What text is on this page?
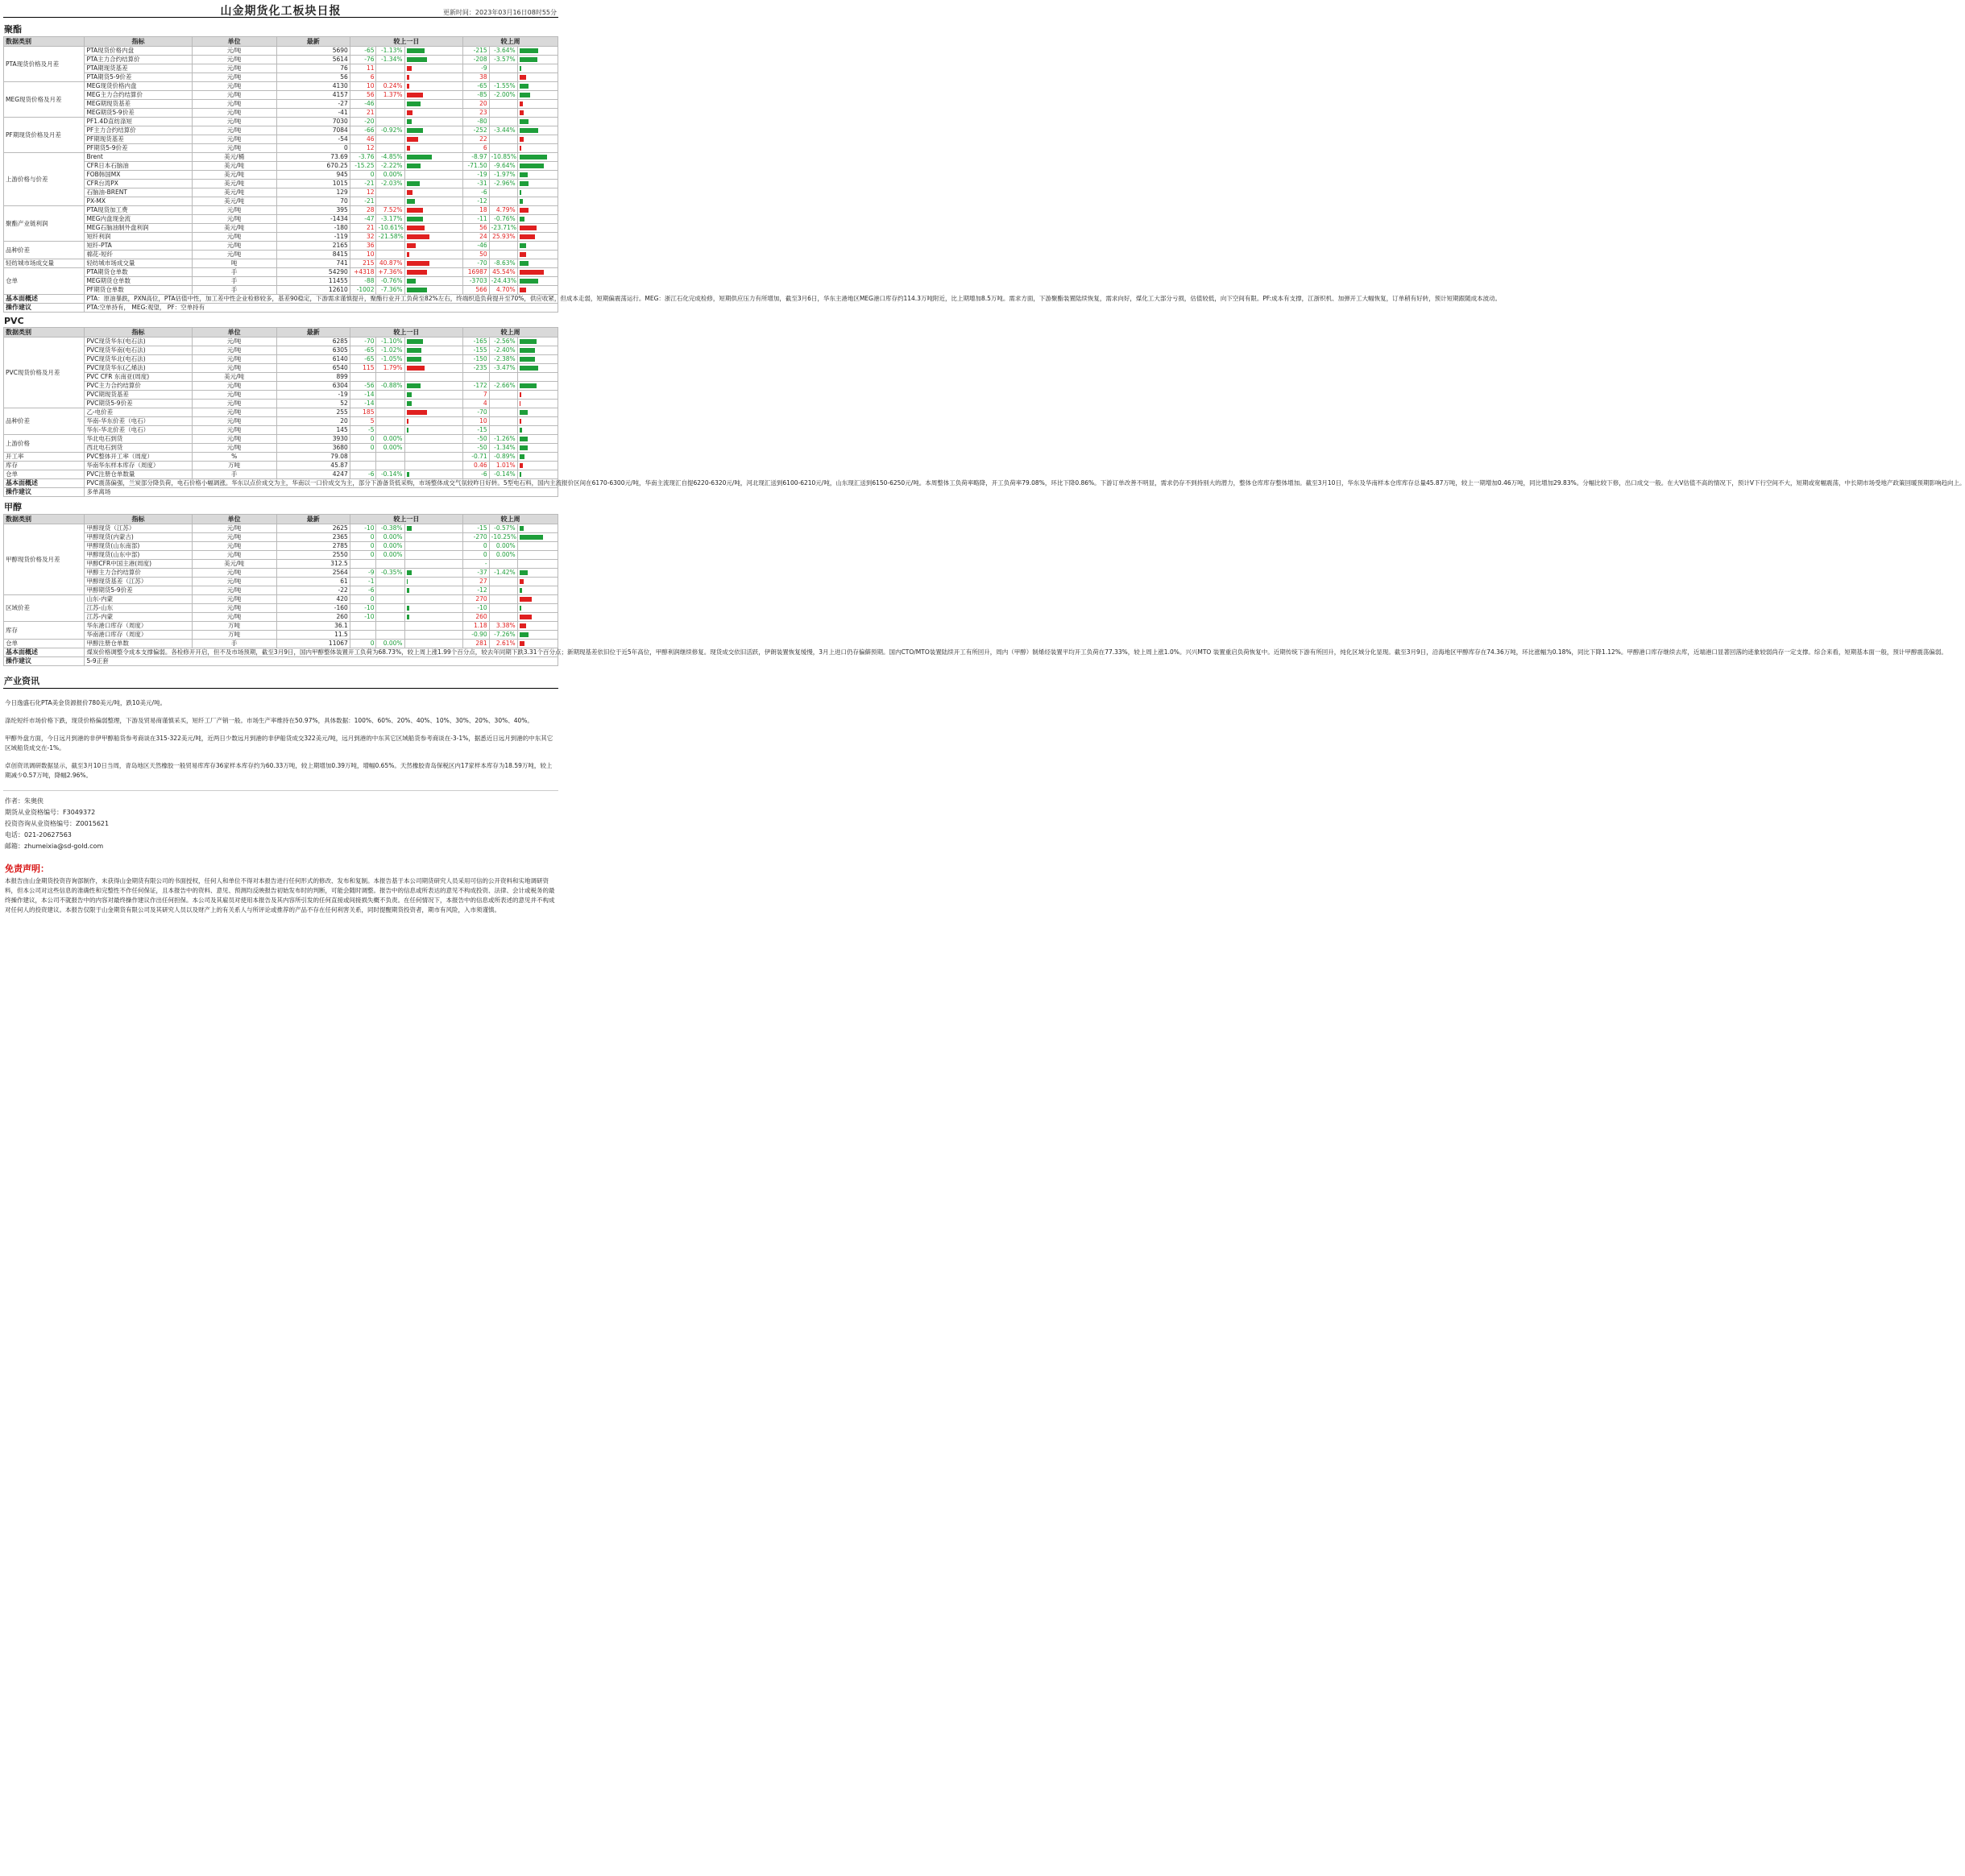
山金期货化工板块日报	更新时间：2023年03月16日08时55分
聚酯
数据类别	指标	单位	最新	较上一日			较上周		
PTA现货价格及月差	PTA现货价格内盘	元/吨	5690	-65	-1.13%		-215	-3.64%	
	PTA主力合约结算价	元/吨	5614	-76	-1.34%		-208	-3.57%	
	PTA期现货基差	元/吨	76	11			-9		
	PTA期货5-9价差	元/吨	56	6			38		
MEG现货价格及月差	MEG现货价格内盘	元/吨	4130	10	0.24%		-65	-1.55%	
	MEG主力合约结算价	元/吨	4157	56	1.37%		-85	-2.00%	
	MEG期现货基差	元/吨	-27	-46			20		
	MEG期货5-9价差	元/吨	-41	21			23		
PF期现货价格及月差	PF1.4D直纺涤短	元/吨	7030	-20			-80		
	PF主力合约结算价	元/吨	7084	-66	-0.92%		-252	-3.44%	
	PF期现货基差	元/吨	-54	46			22		
	PF期货5-9价差	元/吨	0	12			6		
上游价格与价差	Brent	美元/桶	73.69	-3.76	-4.85%		-8.97	-10.85%	
	CFR日本石脑油	美元/吨	670.25	-15.25	-2.22%		-71.50	-9.64%	
	FOB韩国MX	美元/吨	945	0	0.00%		-19	-1.97%	
	CFR台湾PX	美元/吨	1015	-21	-2.03%		-31	-2.96%	
	石脑油-BRENT	美元/吨	129	12			-6		
	PX-MX	美元/吨	70	-21			-12		
聚酯产业链利润	PTA现货加工费	元/吨	395	28	7.52%		18	4.79%	
	MEG内盘现金流	元/吨	-1434	-47	-3.17%		-11	-0.76%	
	MEG石脑油制外盘利润	美元/吨	-180	21	-10.61%		56	-23.71%	
	短纤利润	元/吨	-119	32	-21.58%		24	25.93%	
品种价差	短纤-PTA	元/吨	2165	36			-46		
	棉花-短纤	元/吨	8415	10			50		
轻纺城市场成交量	轻纺城市场成交量	吨	741	215	40.87%		-70	-8.63%	
仓单	PTA期货仓单数	手	54290	+4318	+7.36%		16987	45.54%	
	MEG期货仓单数	手	11455	-88	-0.76%		-3703	-24.43%	
	PF期货仓单数	手	12610	-1002	-7.36%		566	4.70%	
基本面概述	PTA：原油暴跌，PXN高位，PTA估值中性，加工差中性企业检修较多，基差90稳定，下游需求谨慎提升，聚酯行业开工负荷至82%左右，终端织造负荷提升至70%，供应收紧，但成本走弱，短期偏震荡运行。MEG：浙江石化完成检修，短期供应压力有所增加，截至3月6日，华东主港地区MEG港口库存约114.3万吨附近，比上期增加8.5万吨。需求方面，下游聚酯装置陆续恢复，需求向好，煤化工大部分亏损，估值较低，向下空间有限。PF:成本有支撑，江浙织机、加弹开工大幅恢复，订单稍有好转，预计短期跟随成本波动。								
操作建议	PTA:空单持有， MEG:观望， PF：空单持有								
PVC
数据类别	指标	单位	最新	较上一日			较上周		
PVC现货价格及月差	PVC现货华东(电石法)	元/吨	6285	-70	-1.10%		-165	-2.56%	
	PVC现货华南(电石法)	元/吨	6305	-65	-1.02%		-155	-2.40%	
	PVC现货华北(电石法)	元/吨	6140	-65	-1.05%		-150	-2.38%	
	PVC现货华东(乙烯法)	元/吨	6540	115	1.79%		-235	-3.47%	
	PVC CFR 东南亚(周度)	美元/吨	899						
	PVC主力合约结算价	元/吨	6304	-56	-0.88%		-172	-2.66%	
	PVC期现货基差	元/吨	-19	-14			7		
	PVC期货5-9价差	元/吨	52	-14			4		
品种价差	乙-电价差	元/吨	255	185			-70		
	华南-华东价差（电石）	元/吨	20	5			10		
	华东-华北价差（电石）	元/吨	145	-5			-15		
上游价格	华北电石到货	元/吨	3930	0	0.00%		-50	-1.26%	
	西北电石到货	元/吨	3680	0	0.00%		-50	-1.34%	
开工率	PVC整体开工率（周度）	%	79.08				-0.71	-0.89%	
库存	华南华东样本库存（周度）	万吨	45.87				0.46	1.01%	
仓单	PVC注册仓单数量	手	4247	-6	-0.14%		-6	-0.14%	
基本面概述	PVC震荡偏强，兰炭部分降负荷，电石价格小幅调涨。华东以点价成交为主，华南以一口价成交为主，部分下游备货低采购，市场整体成交气氛较昨日好转。5型电石料，国内主流报价区间在6170-6300元/吨，华南主流现汇自提6220-6320元/吨，河北现汇送到6100-6210元/吨，山东现汇送到6150-6250元/吨。本周整体工负荷率略降，开工负荷率79.08%，环比下降0.86%。下游订单改善不明显，需求仍存不到持别大的潜力，整体仓库库存整体增加。截至3月10日，华东及华南样本仓库库存总量45.87万吨，较上一期增加0.46万吨，同比增加29.83%。分幅比较下修，出口成交一般。在大V估值不高的情况下，预计V下行空间不大，短期或宽幅震荡，中长期市场受地产政策回暖预期影响趋向上。								
操作建议	多单离场								
甲醇
数据类别	指标	单位	最新	较上一日			较上周		
甲醇现货价格及月差	甲醇现货（江苏）	元/吨	2625	-10	-0.38%		-15	-0.57%	
	甲醇现货(内蒙古)	元/吨	2365	0	0.00%		-270	-10.25%	
	甲醇现货(山东南部)	元/吨	2785	0	0.00%		0	0.00%	
	甲醇现货(山东中部)	元/吨	2550	0	0.00%		0	0.00%	
	甲醇CFR中国主港(周度)	美元/吨	312.5				-		
	甲醇主力合约结算价	元/吨	2564	-9	-0.35%		-37	-1.42%	
	甲醇现货基差（江苏）	元/吨	61	-1			27		
	甲醇期货5-9价差	元/吨	-22	-6			-12		
区域价差	山东-内蒙	元/吨	420	0			270		
	江苏-山东	元/吨	-160	-10			-10		
	江苏-内蒙	元/吨	260	-10			260		
库存	华东港口库存（周度）	万吨	36.1				1.18	3.38%	
	华南港口库存（周度）	万吨	11.5				-0.90	-7.26%	
仓单	甲醇注册仓单数	手	11067	0	0.00%		281	2.61%	
基本面概述	煤炭价格调整令成本支撑偏弱。各检修开开启，但不及市场预期，截至3月9日，国内甲醇整体装置开工负荷为68.73%，较上周上涨1.99个百分点，较去年同期下跌3.31个百分点；新期现基差依旧位于近5年高位，甲醇利润继续修复。现货成交依旧活跃，伊朗装置恢复缓慢，3月上进口仍存偏僻预期。国内CTO/MTO装置陆续开工有所回升，周内（甲醇）制烯烃装置平均开工负荷在77.33%，较上周上涨1.0%。兴兴MTO 装置重启负荷恢复中。近期传统下游有所回升，纯化区域分化显现。截至3月9日，沿海地区甲醇库存在74.36万吨，环比涨幅为0.18%，同比下降1.12%。甲醇港口库存继续去库，近端港口显著回落的迹象较弱尚存一定支撑。综合来看，短期基本面一般，预计甲醇震荡偏弱。								
操作建议	5-9正套								
产业资讯
今日逸盛石化PTA美金货源报价780美元/吨，跌10美元/吨。
涤纶短纤市场价格下跌，现货价格偏弱整理，下游及贸易商谨慎采买，短纤工厂产销一般。市场生产率维持在50.97%，具体数据：100%、60%、20%、40%、10%、30%、20%、30%、40%。
甲醇外盘方面，今日远月到港的非伊甲醇船货参考商谈在315-322美元/吨，近两日少数远月到港的非伊船货成交322美元/吨，远月到港的中东其它区域船货参考商谈在-3-1%，据悉近日远月到港的中东其它区域船货成交在-1%。
卓创资讯调研数据显示，截至3月10日当周，青岛地区天然橡胶一般贸易库库存36家样本库存约为60.33万吨，较上期增加0.39万吨，增幅0.65%。天然橡胶青岛保税区内17家样本库存为18.59万吨，较上期减少0.57万吨，降幅2.96%。
作者：朱奥侠
期货从业资格编号：F3049372
投资咨询从业资格编号：Z0015621
电话：021-20627563
邮箱：zhumeixia@sd-gold.com
免责声明：
本报告由山金期货投资咨询部制作，未获得山金期货有限公司的书面授权，任何人和单位不得对本报告进行任何形式的修改、发布和复制。本报告基于本公司期货研究人员采用可信的公开资料和实地调研资料，但本公司对这些信息的准确性和完整性不作任何保证，且本报告中的资料、意见、预测均反映报告初始发布时的判断，可能会随时调整。报告中的信息或所表达的意见不构成投资、法律、会计或税务的最终操作建议，本公司不就报告中的内容对最终操作建议作出任何担保。本公司及其雇员对使用本报告及其内容所引发的任何直接或间接损失概不负责。在任何情况下，本报告中的信息或所表述的意见并不构成对任何人的投资建议。本报告仅限于山金期货有限公司及其研究人员以及财产上的有关系人与所评论或推荐的产品不存在任何利害关系，同时提醒期货投资者，期市有风险，入市须谨慎。
